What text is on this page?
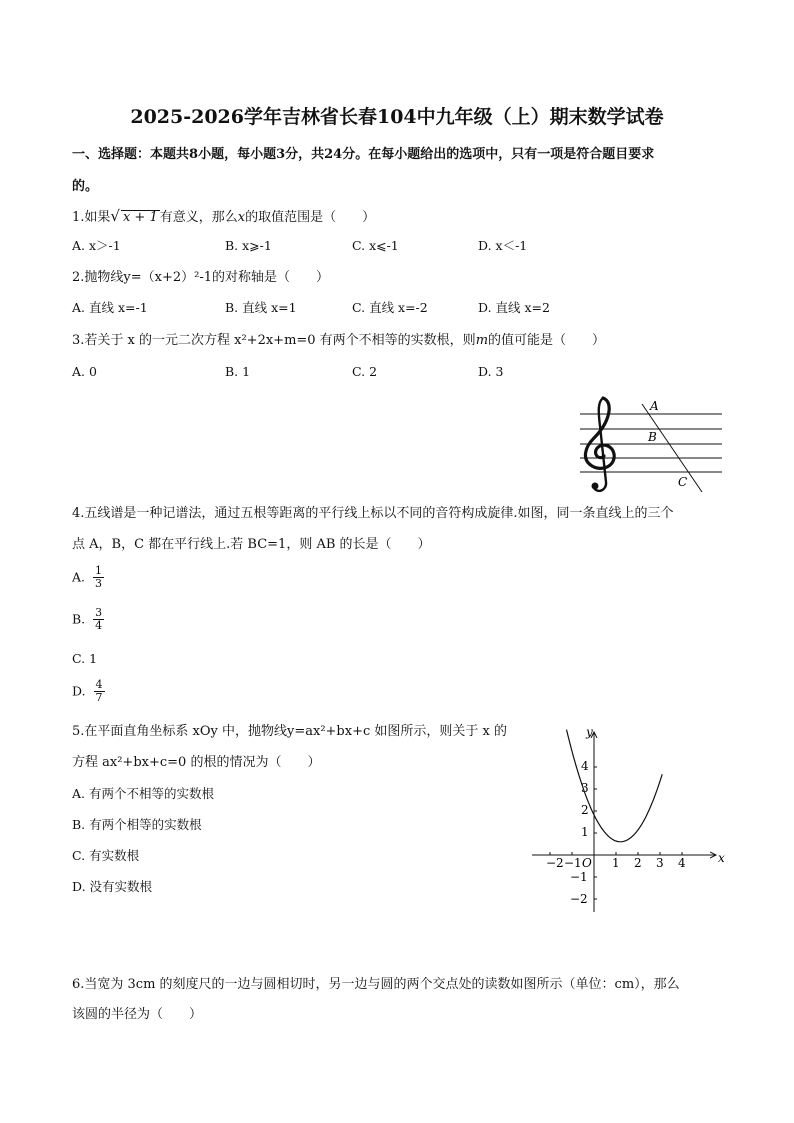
2025-2026学年吉林省长春104中九年级（上）期末数学试卷
一、选择题：本题共8小题，每小题3分，共24分。在每小题给出的选项中，只有一项是符合题目要求
的。
1.如果√ x + 1 有意义，那么x的取值范围是（　　）
A. x＞-1	B. x⩾-1	C. x⩽-1	D. x＜-1
2.抛物线y=（x+2）²-1的对称轴是（　　）
A. 直线 x=-1	B. 直线 x=1	C. 直线 x=-2	D. 直线 x=2
3.若关于 x 的一元二次方程 x²+2x+m=0 有两个不相等的实数根，则m的值可能是（　　）
A. 0	B. 1	C. 2	D. 3
A
B
C
4.五线谱是一种记谱法，通过五根等距离的平行线上标以不同的音符构成旋律.如图，同一条直线上的三个
点 A，B，C 都在平行线上.若 BC=1，则 AB 的长是（　　）
A. $\frac{1}{3}$
B. $\frac{3}{4}$
C. 1
D. $\frac{4}{7}$
5.在平面直角坐标系 xOy 中，抛物线y=ax²+bx+c 如图所示，则关于 x 的
方程 ax²+bx+c=0 的根的情况为（　　）
A. 有两个不相等的实数根
B. 有两个相等的实数根
C. 有实数根
D. 没有实数根
x
y
O
−2 −1	1 2 3 4
4
3
2
1
−1
−2
6.当宽为 3cm 的刻度尺的一边与圆相切时，另一边与圆的两个交点处的读数如图所示（单位：cm），那么
该圆的半径为（　　）
